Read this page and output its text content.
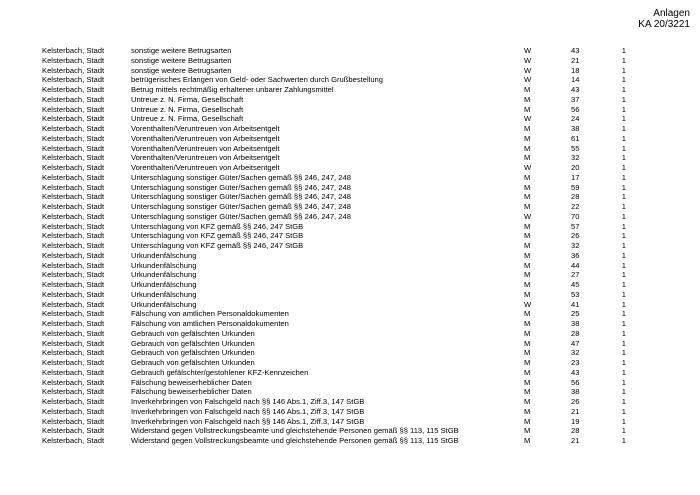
Anlagen
KA 20/3221
Kelsterbach, Stadt	sonstige weitere Betrugsarten	W	43	1
Kelsterbach, Stadt	sonstige weitere Betrugsarten	W	21	1
Kelsterbach, Stadt	sonstige weitere Betrugsarten	W	18	1
Kelsterbach, Stadt	betrügerisches Erlangen von Geld- oder Sachwerten durch Grußbestellung	W	14	1
Kelsterbach, Stadt	Betrug mittels rechtmäßig erhaltener unbarer Zahlungsmittel	M	43	1
Kelsterbach, Stadt	Untreue z. N. Firma, Gesellschaft	M	37	1
Kelsterbach, Stadt	Untreue z. N. Firma, Gesellschaft	M	56	1
Kelsterbach, Stadt	Untreue z. N. Firma, Gesellschaft	W	24	1
Kelsterbach, Stadt	Vorenthalten/Veruntreuen von Arbeitsentgelt	M	38	1
Kelsterbach, Stadt	Vorenthalten/Veruntreuen von Arbeitsentgelt	M	61	1
Kelsterbach, Stadt	Vorenthalten/Veruntreuen von Arbeitsentgelt	M	55	1
Kelsterbach, Stadt	Vorenthalten/Veruntreuen von Arbeitsentgelt	M	32	1
Kelsterbach, Stadt	Vorenthalten/Veruntreuen von Arbeitsentgelt	W	20	1
Kelsterbach, Stadt	Unterschlagung sonstiger Güter/Sachen gemäß §§ 246, 247, 248	M	17	1
Kelsterbach, Stadt	Unterschlagung sonstiger Güter/Sachen gemäß §§ 246, 247, 248	M	59	1
Kelsterbach, Stadt	Unterschlagung sonstiger Güter/Sachen gemäß §§ 246, 247, 248	M	28	1
Kelsterbach, Stadt	Unterschlagung sonstiger Güter/Sachen gemäß §§ 246, 247, 248	M	22	1
Kelsterbach, Stadt	Unterschlagung sonstiger Güter/Sachen gemäß §§ 246, 247, 248	W	70	1
Kelsterbach, Stadt	Unterschlagung von KFZ gemäß §§ 246, 247 StGB	M	57	1
Kelsterbach, Stadt	Unterschlagung von KFZ gemäß §§ 246, 247 StGB	M	26	1
Kelsterbach, Stadt	Unterschlagung von KFZ gemäß §§ 246, 247 StGB	M	32	1
Kelsterbach, Stadt	Urkundenfälschung	M	36	1
Kelsterbach, Stadt	Urkundenfälschung	M	44	1
Kelsterbach, Stadt	Urkundenfälschung	M	27	1
Kelsterbach, Stadt	Urkundenfälschung	M	45	1
Kelsterbach, Stadt	Urkundenfälschung	M	53	1
Kelsterbach, Stadt	Urkundenfälschung	W	41	1
Kelsterbach, Stadt	Fälschung von amtlichen Personaldokumenten	M	25	1
Kelsterbach, Stadt	Fälschung von amtlichen Personaldokumenten	M	38	1
Kelsterbach, Stadt	Gebrauch von gefälschten Urkunden	M	28	1
Kelsterbach, Stadt	Gebrauch von gefälschten Urkunden	M	47	1
Kelsterbach, Stadt	Gebrauch von gefälschten Urkunden	M	32	1
Kelsterbach, Stadt	Gebrauch von gefälschten Urkunden	M	23	1
Kelsterbach, Stadt	Gebrauch gefälschter/gestohlener KFZ-Kennzeichen	M	43	1
Kelsterbach, Stadt	Fälschung beweiserheblicher Daten	M	56	1
Kelsterbach, Stadt	Fälschung beweiserheblicher Daten	M	38	1
Kelsterbach, Stadt	Inverkehrbringen von Falschgeld nach §§ 146 Abs.1, Ziff.3, 147 StGB	M	26	1
Kelsterbach, Stadt	Inverkehrbringen von Falschgeld nach §§ 146 Abs.1, Ziff.3, 147 StGB	M	21	1
Kelsterbach, Stadt	Inverkehrbringen von Falschgeld nach §§ 146 Abs.1, Ziff.3, 147 StGB	M	19	1
Kelsterbach, Stadt	Widerstand gegen Vollstreckungsbeamte und gleichstehende Personen gemäß §§ 113, 115 StGB	M	28	1
Kelsterbach, Stadt	Widerstand gegen Vollstreckungsbeamte und gleichstehende Personen gemäß §§ 113, 115 StGB	M	21	1
